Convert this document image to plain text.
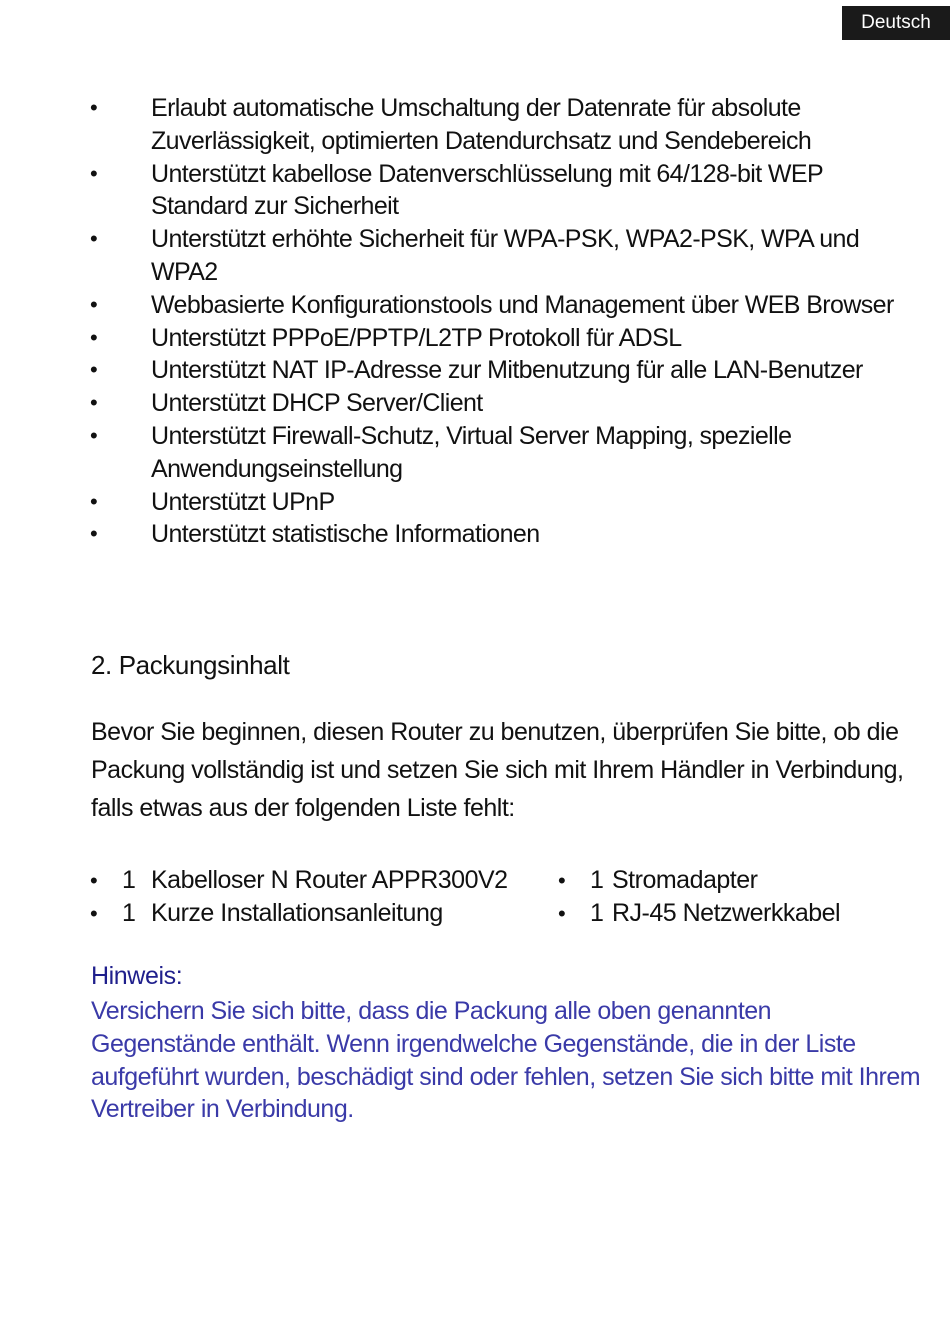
Deutsch
• Erlaubt automatische Umschaltung der Datenrate für absolute Zuverlässigkeit, optimierten Datendurchsatz und Sendebereich
• Unterstützt kabellose Datenverschlüsselung mit 64/128-bit WEP Standard zur Sicherheit
• Unterstützt erhöhte Sicherheit für WPA-PSK, WPA2-PSK, WPA und WPA2
• Webbasierte Konfigurationstools und Management über WEB Browser
• Unterstützt PPPoE/PPTP/L2TP Protokoll für ADSL
• Unterstützt NAT IP-Adresse zur Mitbenutzung für alle LAN-Benutzer
• Unterstützt DHCP Server/Client
• Unterstützt Firewall-Schutz, Virtual Server Mapping, spezielle Anwendungseinstellung
• Unterstützt UPnP
• Unterstützt statistische Informationen
2. Packungsinhalt

Bevor Sie beginnen, diesen Router zu benutzen, überprüfen Sie bitte, ob die Packung vollständig ist und setzen Sie sich mit Ihrem Händler in Verbindung, falls etwas aus der folgenden Liste fehlt:

• 1 Kabelloser N Router APPR300V2
• 1 Kurze Installationsanleitung
• 1 Stromadapter
• 1 RJ-45 Netzwerkkabel

Hinweis:

Versichern Sie sich bitte, dass die Packung alle oben genannten Gegenstände enthält. Wenn irgendwelche Gegenstände, die in der Liste aufgeführt wurden, beschädigt sind oder fehlen, setzen Sie sich bitte mit Ihrem Vertreiber in Verbindung.
